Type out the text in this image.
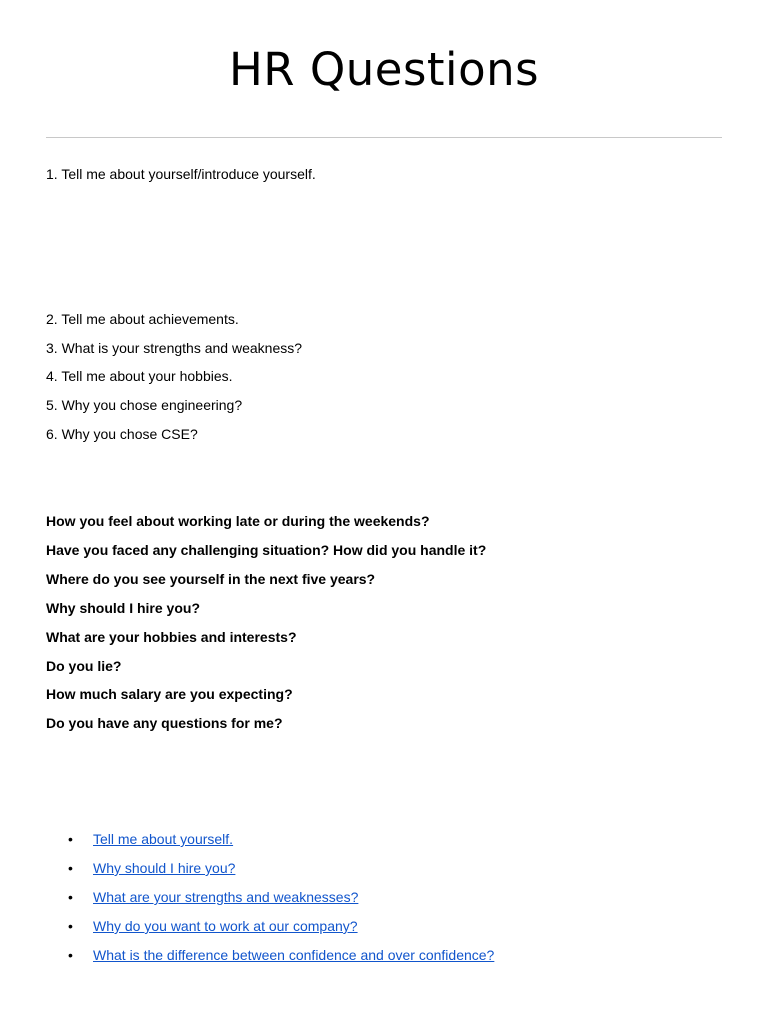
HR Questions
1. Tell me about yourself/introduce yourself.
2. Tell me about achievements.
3. What is your strengths and weakness?
4. Tell me about your hobbies.
5. Why you chose engineering?
6. Why you chose CSE?
How you feel about working late or during the weekends?
Have you faced any challenging situation? How did you handle it?
Where do you see yourself in the next five years?
Why should I hire you?
What are your hobbies and interests?
Do you lie?
How much salary are you expecting?
Do you have any questions for me?
• Tell me about yourself.
• Why should I hire you?
• What are your strengths and weaknesses?
• Why do you want to work at our company?
• What is the difference between confidence and over confidence?
